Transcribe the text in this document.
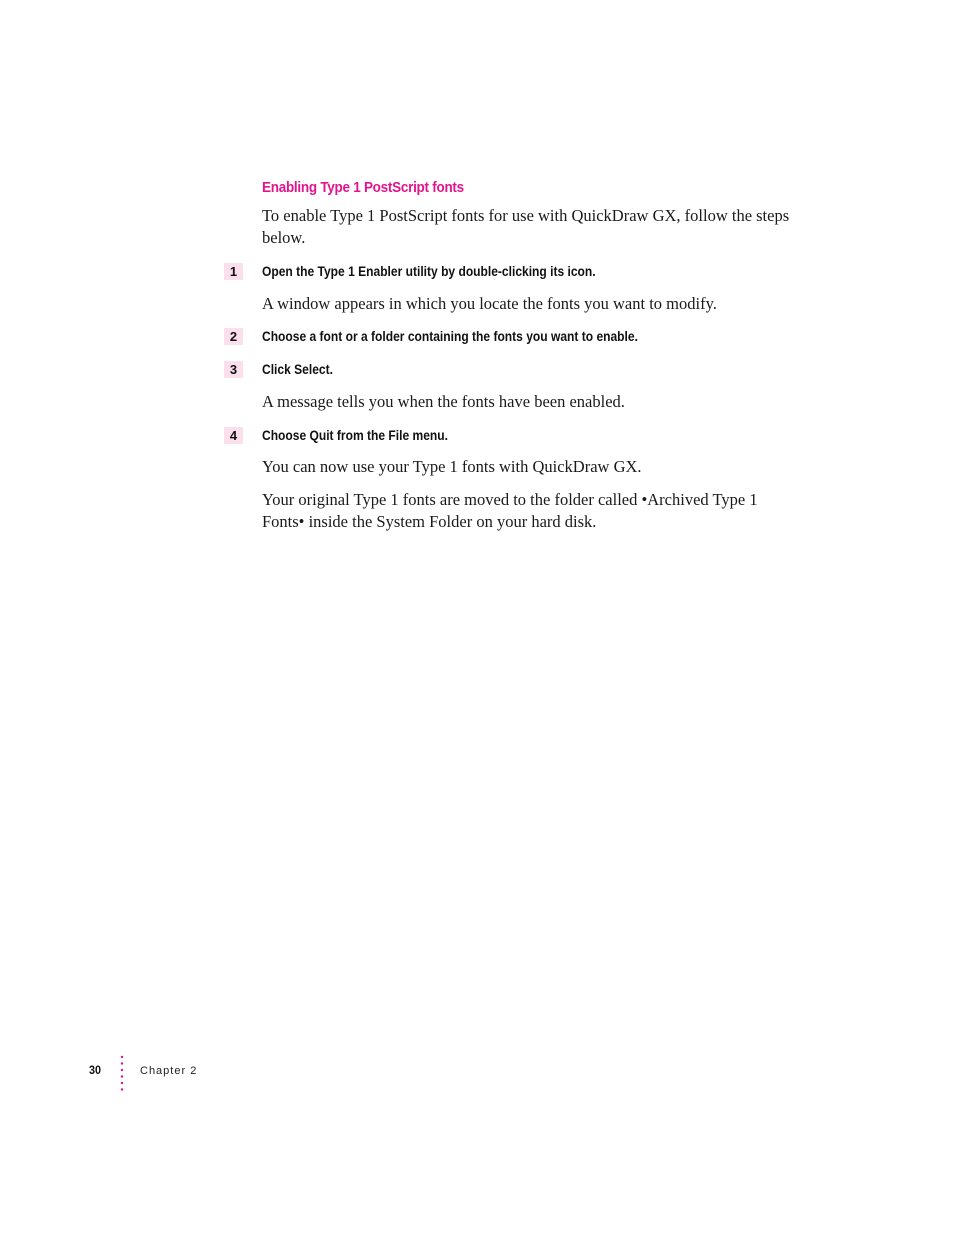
Enabling Type 1 PostScript fonts
To enable Type 1 PostScript fonts for use with QuickDraw GX, follow the steps below.
1	Open the Type 1 Enabler utility by double-clicking its icon.
A window appears in which you locate the fonts you want to modify.
2	Choose a font or a folder containing the fonts you want to enable.
3	Click Select.
A message tells you when the fonts have been enabled.
4	Choose Quit from the File menu.
You can now use your Type 1 fonts with QuickDraw GX.
Your original Type 1 fonts are moved to the folder called •Archived Type 1 Fonts• inside the System Folder on your hard disk.
30	Chapter 2
